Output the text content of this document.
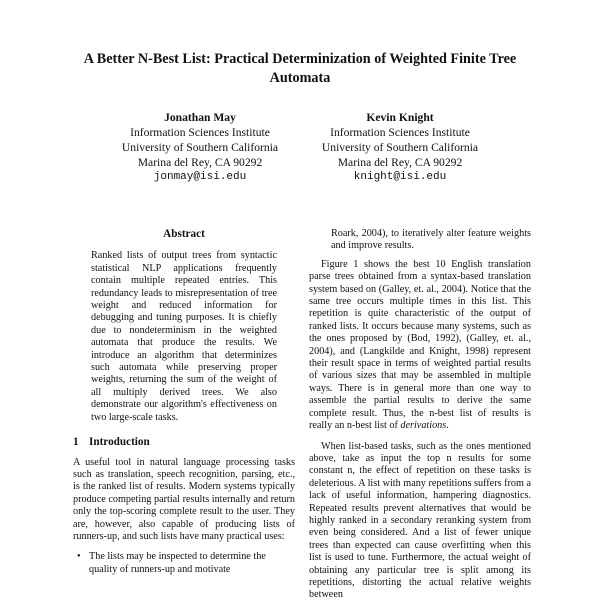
A Better N-Best List: Practical Determinization of Weighted Finite Tree Automata
Jonathan May
Information Sciences Institute
University of Southern California
Marina del Rey, CA 90292
jonmay@isi.edu
Kevin Knight
Information Sciences Institute
University of Southern California
Marina del Rey, CA 90292
knight@isi.edu
Abstract
Ranked lists of output trees from syntactic statistical NLP applications frequently contain multiple repeated entries. This redundancy leads to misrepresentation of tree weight and reduced information for debugging and tuning purposes. It is chiefly due to nondeterminism in the weighted automata that produce the results. We introduce an algorithm that determinizes such automata while preserving proper weights, returning the sum of the weight of all multiply derived trees. We also demonstrate our algorithm's effectiveness on two large-scale tasks.
1 Introduction

A useful tool in natural language processing tasks such as translation, speech recognition, parsing, etc., is the ranked list of results. Modern systems typically produce competing partial results internally and return only the top-scoring complete result to the user. They are, however, also capable of producing lists of runners-up, and such lists have many practical uses:

• The lists may be inspected to determine the quality of runners-up and motivate

Roark, 2004), to iteratively alter feature weights and improve results.

Figure 1 shows the best 10 English translation parse trees obtained from a syntax-based translation system based on (Galley, et. al., 2004). Notice that the same tree occurs multiple times in this list. This repetition is quite characteristic of the output of ranked lists. It occurs because many systems, such as the ones proposed by (Bod, 1992), (Galley, et. al., 2004), and (Langkilde and Knight, 1998) represent their result space in terms of weighted partial results of various sizes that may be assembled in multiple ways. There is in general more than one way to assemble the partial results to derive the same complete result. Thus, the n-best list of results is really an n-best list of derivations.

When list-based tasks, such as the ones mentioned above, take as input the top n results for some constant n, the effect of repetition on these tasks is deleterious. A list with many repetitions suffers from a lack of useful information, hampering diagnostics. Repeated results prevent alternatives that would be highly ranked in a secondary reranking system from even being considered. And a list of fewer unique trees than expected can cause overfitting when this list is used to tune. Furthermore, the actual weight of obtaining any particular tree is split among its repetitions, distorting the actual relative weights between
